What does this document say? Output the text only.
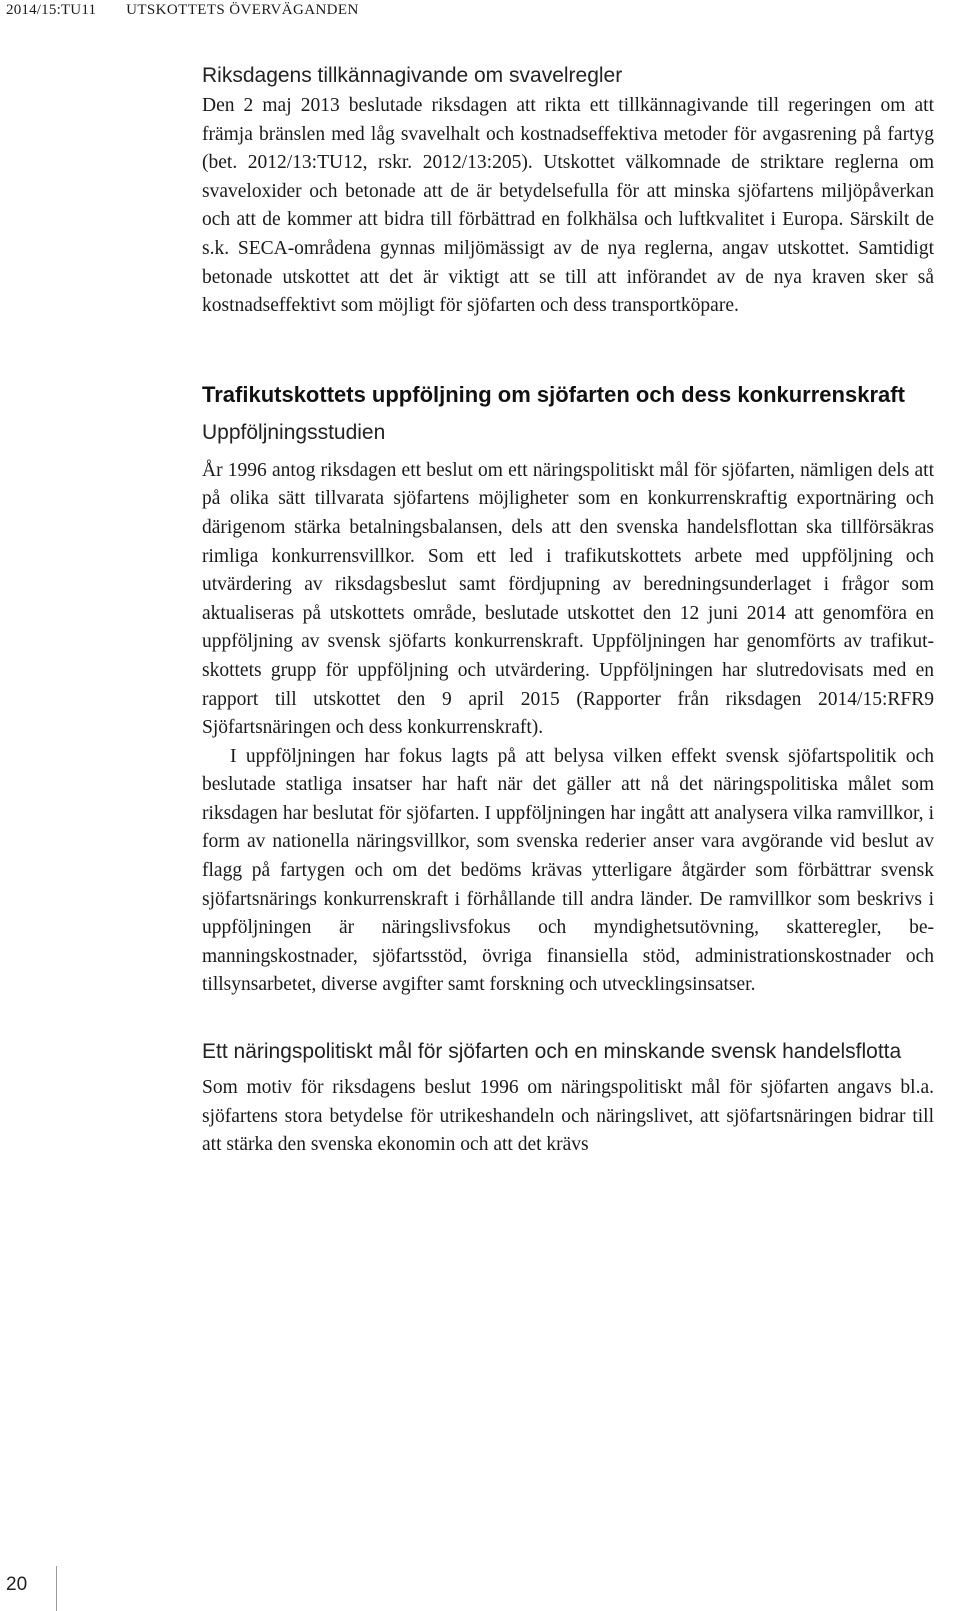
2014/15:TU11 UTSKOTTETS ÖVERVÄGANDEN
Riksdagens tillkännagivande om svavelregler

Den 2 maj 2013 beslutade riksdagen att rikta ett tillkännagivande till regeringen om att främja bränslen med låg svavelhalt och kostnadseffektiva metoder för avgasrening på fartyg (bet. 2012/13:TU12, rskr. 2012/13:205). Utskottet välkomnade de striktare reglerna om svaveloxider och betonade att de är betydelsefulla för att minska sjöfartens miljöpåverkan och att de kommer att bidra till förbättrad en folkhälsa och luftkvalitet i Europa. Särskilt de s.k. SECA-områdena gynnas miljömässigt av de nya reglerna, angav utskottet. Samtidigt betonade utskottet att det är viktigt att se till att införandet av de nya kraven sker så kostnadseffektivt som möjligt för sjöfarten och dess transportköpare.

Trafikutskottets uppföljning om sjöfarten och dess konkurrenskraft
Uppföljningsstudien

År 1996 antog riksdagen ett beslut om ett näringspolitiskt mål för sjöfarten, nämligen dels att på olika sätt tillvarata sjöfartens möjligheter som en konkurrenskraftig exportnäring och därigenom stärka betalningsbalansen, dels att den svenska handelsflottan ska tillförsäkras rimliga konkurrensvillkor. Som ett led i trafikutskottets arbete med uppföljning och utvärdering av riksdagsbeslut samt fördjupning av beredningsunderlaget i frågor som aktualiseras på utskottets område, beslutade utskottet den 12 juni 2014 att genomföra en uppföljning av svensk sjöfarts konkurrenskraft. Uppföljningen har genomförts av trafikutskottets grupp för uppföljning och utvärdering. Uppföljningen har slutredovisats med en rapport till utskottet den 9 april 2015 (Rapporter från riksdagen 2014/15:RFR9 Sjöfartsnäringen och dess konkurrenskraft).

I uppföljningen har fokus lagts på att belysa vilken effekt svensk sjöfartspolitik och beslutade statliga insatser har haft när det gäller att nå det näringspolitiska målet som riksdagen har beslutat för sjöfarten. I uppföljningen har ingått att analysera vilka ramvillkor, i form av nationella näringsvillkor, som svenska rederier anser vara avgörande vid beslut av flagg på fartygen och om det bedöms krävas ytterligare åtgärder som förbättrar svensk sjöfartsnärings konkurrenskraft i förhållande till andra länder. De ramvillkor som beskrivs i uppföljningen är näringslivsfokus och myndighetsutövning, skatteregler, bemanningskostnader, sjöfartsstöd, övriga finansiella stöd, administrationskostnader och tillsynsarbetet, diverse avgifter samt forskning och utvecklingsinsatser.

Ett näringspolitiskt mål för sjöfarten och en minskande svensk handelsflotta

Som motiv för riksdagens beslut 1996 om näringspolitiskt mål för sjöfarten angavs bl.a. sjöfartens stora betydelse för utrikeshandeln och näringslivet, att sjöfartsnäringen bidrar till att stärka den svenska ekonomin och att det krävs

20
